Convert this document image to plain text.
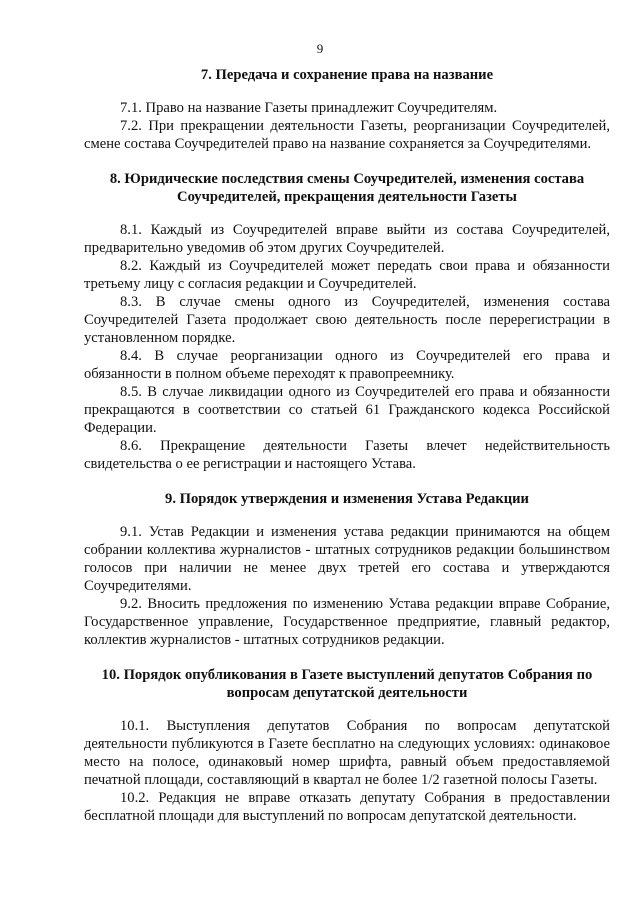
9
7. Передача и сохранение права на название

7.1. Право на название Газеты принадлежит Соучредителям.

7.2. При прекращении деятельности Газеты, реорганизации Соучредителей, смене состава Соучредителей право на название сохраняется за Соучредителями.

8. Юридические последствия смены Соучредителей, изменения состава Соучредителей, прекращения деятельности Газеты

8.1. Каждый из Соучредителей вправе выйти из состава Соучредителей, предварительно уведомив об этом других Соучредителей.

8.2. Каждый из Соучредителей может передать свои права и обязанности третьему лицу с согласия редакции и Соучредителей.

8.3. В случае смены одного из Соучредителей, изменения состава Соучредителей Газета продолжает свою деятельность после перерегистрации в установленном порядке.

8.4. В случае реорганизации одного из Соучредителей его права и обязанности в полном объеме переходят к правопреемнику.

8.5. В случае ликвидации одного из Соучредителей его права и обязанности прекращаются в соответствии со статьей 61 Гражданского кодекса Российской Федерации.

8.6. Прекращение деятельности Газеты влечет недействительность свидетельства о ее регистрации и настоящего Устава.

9. Порядок утверждения и изменения Устава Редакции

9.1. Устав Редакции и изменения устава редакции принимаются на общем собрании коллектива журналистов - штатных сотрудников редакции большинством голосов при наличии не менее двух третей его состава и утверждаются Соучредителями.

9.2. Вносить предложения по изменению Устава редакции вправе Собрание, Государственное управление, Государственное предприятие, главный редактор, коллектив журналистов - штатных сотрудников редакции.

10. Порядок опубликования в Газете выступлений депутатов Собрания по вопросам депутатской деятельности

10.1. Выступления депутатов Собрания по вопросам депутатской деятельности публикуются в Газете бесплатно на следующих условиях: одинаковое место на полосе, одинаковый номер шрифта, равный объем предоставляемой печатной площади, составляющий в квартал не более 1/2 газетной полосы Газеты.

10.2. Редакция не вправе отказать депутату Собрания в предоставлении бесплатной площади для выступлений по вопросам депутатской деятельности.
